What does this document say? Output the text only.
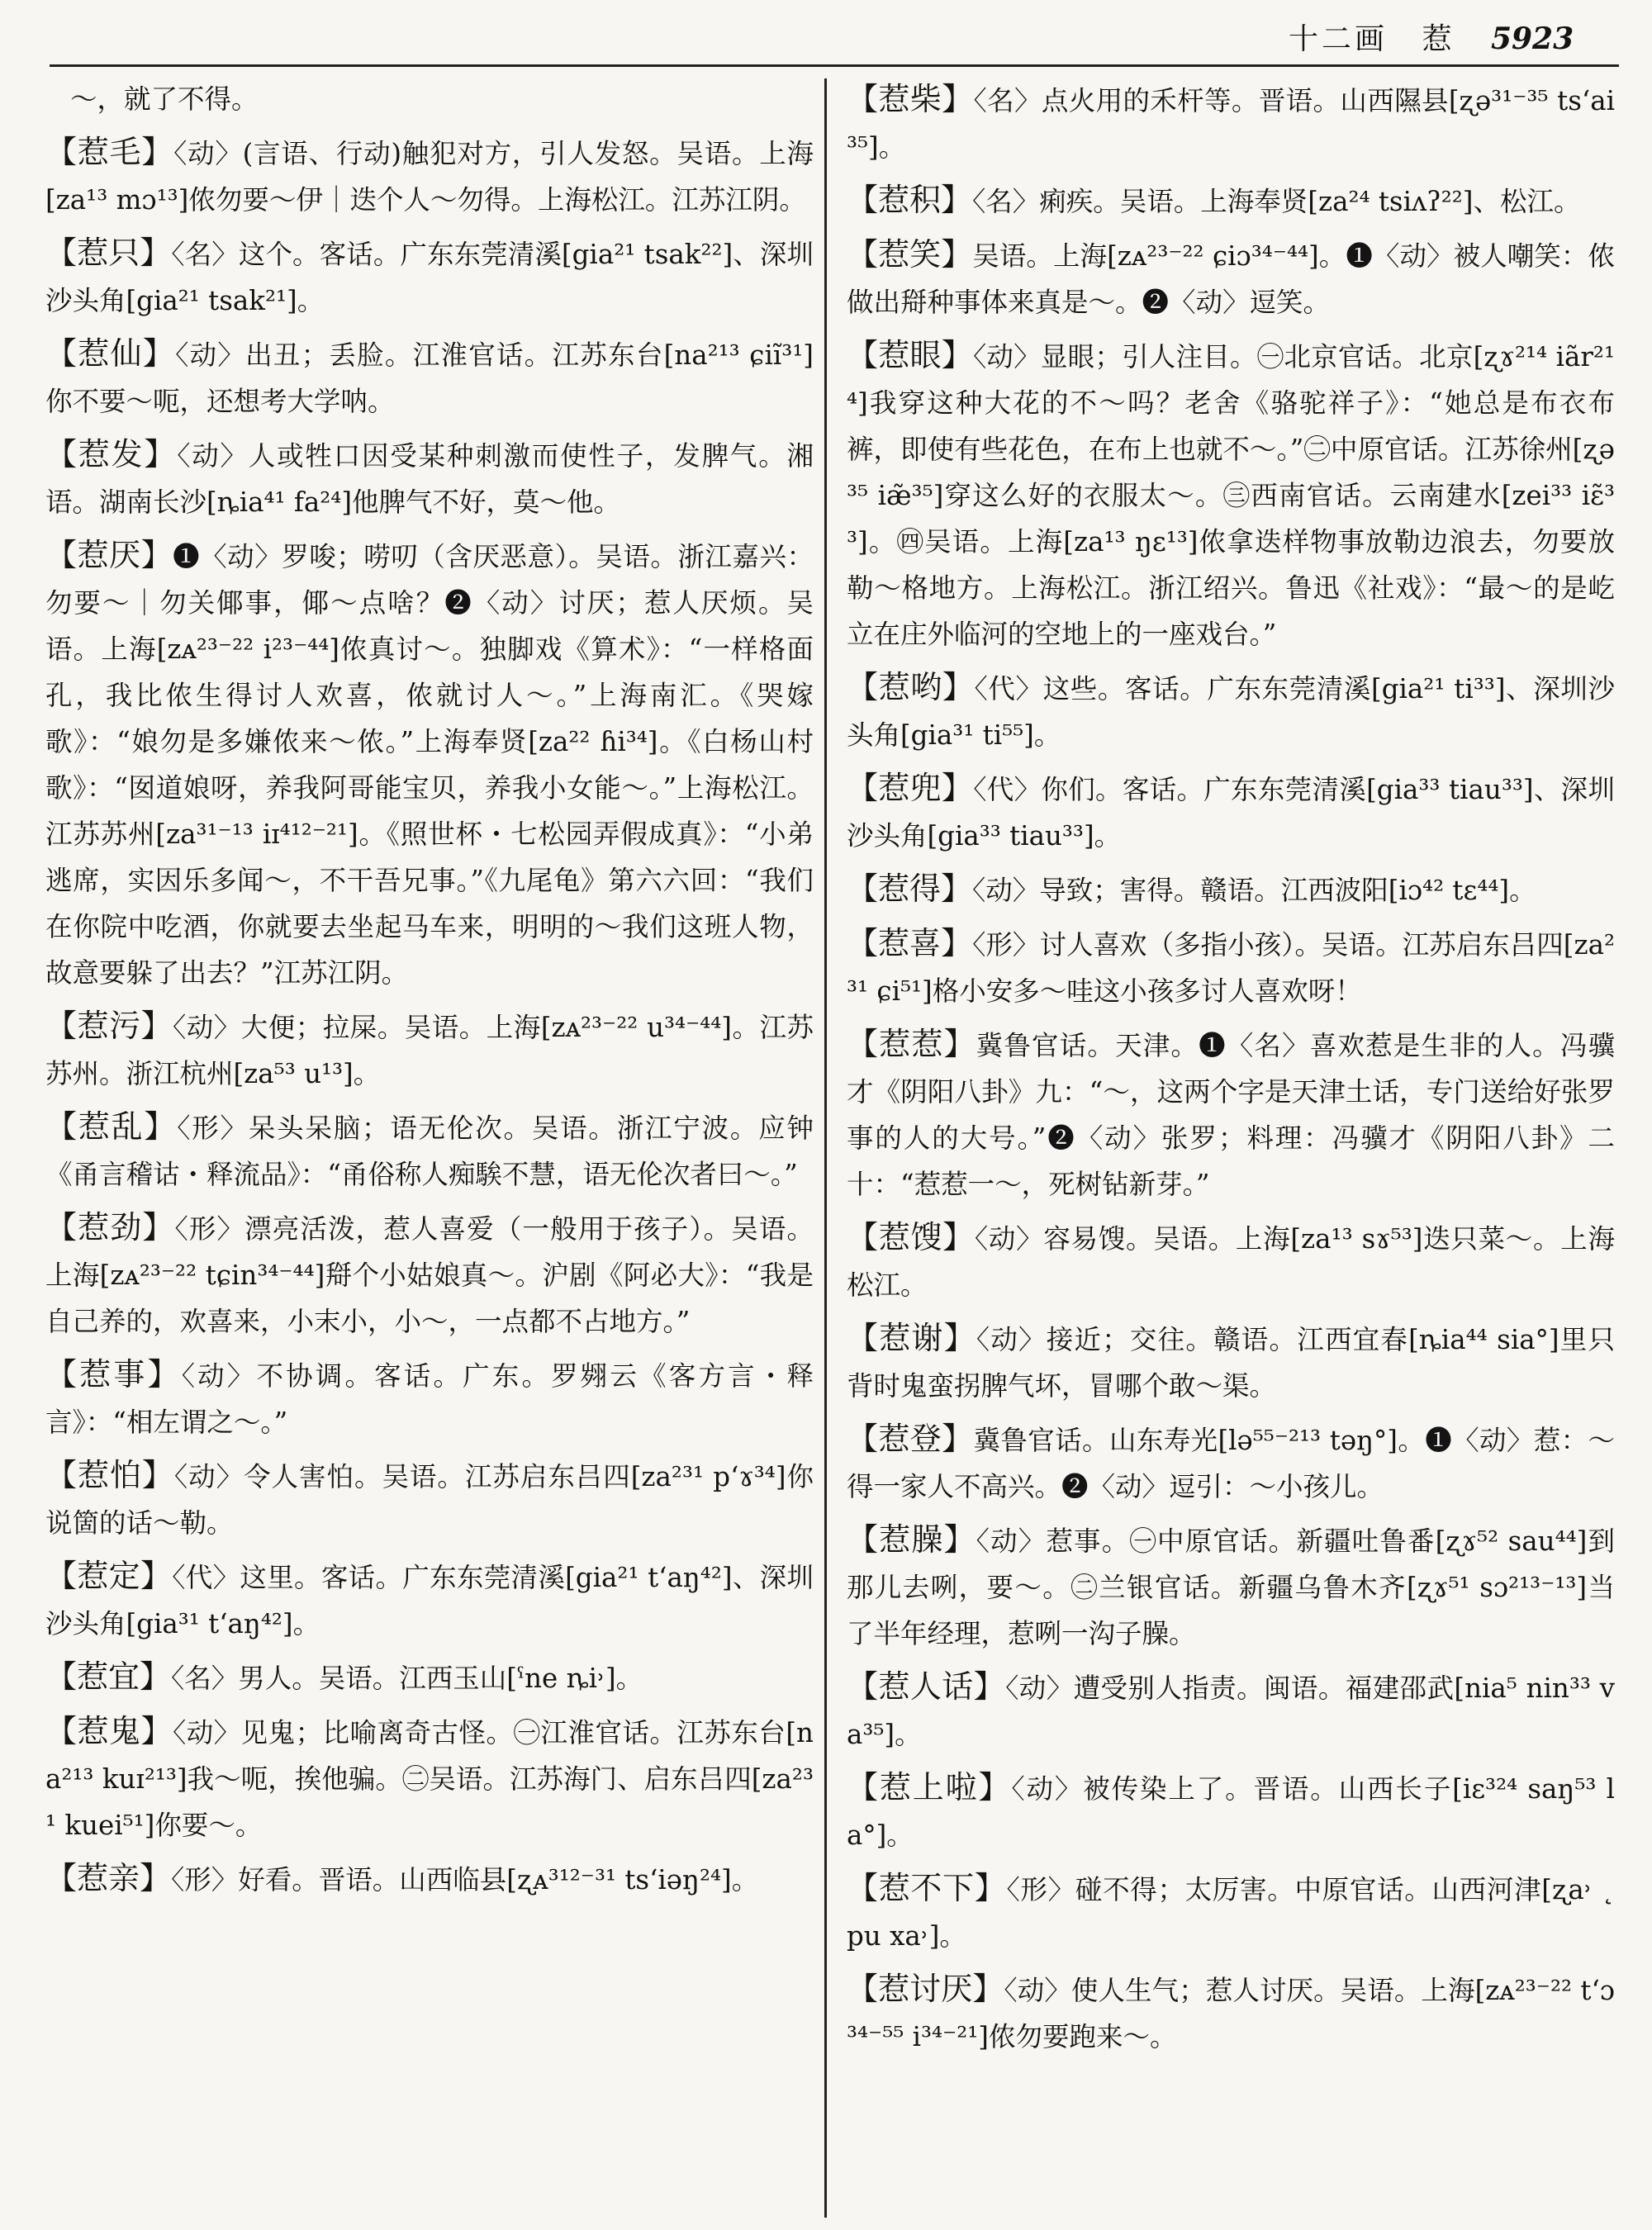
十二画 惹 5923

～，就了不得。

【惹毛】〈动〉(言语、行动)触犯对方，引人发怒。吴语。上海[za¹³ mɔ¹³]侬勿要～伊｜迭个人～勿得。上海松江。江苏江阴。

【惹只】〈名〉这个。客话。广东东莞清溪[gia²¹ tsak²²]、深圳沙头角[gia²¹ tsak²¹]。

【惹仙】〈动〉出丑；丢脸。江淮官话。江苏东台[na²¹³ ɕiĩ³¹]你不要～呃，还想考大学呐。

【惹发】〈动〉人或牲口因受某种刺激而使性子，发脾气。湘语。湖南长沙[ȵia⁴¹ fa²⁴]他脾气不好，莫～他。

【惹厌】❶〈动〉罗唆；唠叨（含厌恶意）。吴语。浙江嘉兴：勿要～｜勿关倻事，倻～点啥？❷〈动〉讨厌；惹人厌烦。吴语。上海[zᴀ²³⁻²² i²³⁻⁴⁴]侬真讨～。独脚戏《算术》：“一样格面孔，我比侬生得讨人欢喜，侬就讨人～。”上海南汇。《哭嫁歌》：“娘勿是多嫌侬来～侬。”上海奉贤[za²² ɦi³⁴]。《白杨山村歌》：“囡道娘呀，养我阿哥能宝贝，养我小女能～。”上海松江。江苏苏州[za³¹⁻¹³ iɪ⁴¹²⁻²¹]。《照世杯・七松园弄假成真》：“小弟逃席，实因乐多闻～，不干吾兄事。”《九尾龟》第六六回：“我们在你院中吃酒，你就要去坐起马车来，明明的～我们这班人物，故意要躲了出去？”江苏江阴。

【惹污】〈动〉大便；拉屎。吴语。上海[zᴀ²³⁻²² u³⁴⁻⁴⁴]。江苏苏州。浙江杭州[za⁵³ u¹³]。

【惹乱】〈形〉呆头呆脑；语无伦次。吴语。浙江宁波。应钟《甬言稽诂・释流品》：“甬俗称人痴騃不慧，语无伦次者曰～。”

【惹劲】〈形〉漂亮活泼，惹人喜爱（一般用于孩子）。吴语。上海[zᴀ²³⁻²² tɕin³⁴⁻⁴⁴]搿个小姑娘真～。沪剧《阿必大》：“我是自己养的，欢喜来，小末小，小～，一点都不占地方。”

【惹事】〈动〉不协调。客话。广东。罗翙云《客方言・释言》：“相左谓之～。”

【惹怕】〈动〉令人害怕。吴语。江苏启东吕四[za²³¹ pʻɤ³⁴]你说箇的话～勒。

【惹定】〈代〉这里。客话。广东东莞清溪[gia²¹ tʻaŋ⁴²]、深圳沙头角[gia³¹ tʻaŋ⁴²]。

【惹宜】〈名〉男人。吴语。江西玉山[ˤne ȵi˒]。

【惹鬼】〈动〉见鬼；比喻离奇古怪。㊀江淮官话。江苏东台[na²¹³ kuɪ²¹³]我～呃，挨他骗。㊁吴语。江苏海门、启东吕四[za²³¹ kuei⁵¹]你要～。

【惹亲】〈形〉好看。晋语。山西临县[ʐᴀ³¹²⁻³¹ tsʻiəŋ²⁴]。

【惹柴】〈名〉点火用的禾杆等。晋语。山西隰县[ʐə³¹⁻³⁵ tsʻai³⁵]。

【惹积】〈名〉痢疾。吴语。上海奉贤[za²⁴ tsiʌʔ²²]、松江。

【惹笑】吴语。上海[zᴀ²³⁻²² ɕiɔ³⁴⁻⁴⁴]。❶〈动〉被人嘲笑：侬做出搿种事体来真是～。❷〈动〉逗笑。

【惹眼】〈动〉显眼；引人注目。㊀北京官话。北京[ʐɤ²¹⁴ iãr²¹⁴]我穿这种大花的不～吗？老舍《骆驼祥子》：“她总是布衣布裤，即使有些花色，在布上也就不～。”㊁中原官话。江苏徐州[ʐə³⁵ iæ̃³⁵]穿这么好的衣服太～。㊂西南官话。云南建水[zei³³ iɛ̃³³]。㊃吴语。上海[za¹³ ŋɛ¹³]侬拿迭样物事放勒边浪去，勿要放勒～格地方。上海松江。浙江绍兴。鲁迅《社戏》：“最～的是屹立在庄外临河的空地上的一座戏台。”

【惹哟】〈代〉这些。客话。广东东莞清溪[gia²¹ ti³³]、深圳沙头角[gia³¹ ti⁵⁵]。

【惹兜】〈代〉你们。客话。广东东莞清溪[gia³³ tiau³³]、深圳沙头角[gia³³ tiau³³]。

【惹得】〈动〉导致；害得。赣语。江西波阳[iɔ⁴² tɛ⁴⁴]。

【惹喜】〈形〉讨人喜欢（多指小孩）。吴语。江苏启东吕四[za²³¹ ɕi⁵¹]格小安多～哇这小孩多讨人喜欢呀！

【惹惹】冀鲁官话。天津。❶〈名〉喜欢惹是生非的人。冯骥才《阴阳八卦》九：“～，这两个字是天津土话，专门送给好张罗事的人的大号。”❷〈动〉张罗；料理：冯骥才《阴阳八卦》二十：“惹惹一～，死树钻新芽。”

【惹馊】〈动〉容易馊。吴语。上海[za¹³ sɤ⁵³]迭只菜～。上海松江。

【惹谢】〈动〉接近；交往。赣语。江西宜春[ȵia⁴⁴ sia°]里只背时鬼蛮拐脾气坏，冒哪个敢～渠。

【惹登】冀鲁官话。山东寿光[lə⁵⁵⁻²¹³ təŋ°]。❶〈动〉惹：～得一家人不高兴。❷〈动〉逗引：～小孩儿。

【惹臊】〈动〉惹事。㊀中原官话。新疆吐鲁番[ʐɤ⁵² sau⁴⁴]到那儿去咧，要～。㊁兰银官话。新疆乌鲁木齐[ʐɤ⁵¹ sɔ²¹³⁻¹³]当了半年经理，惹咧一沟子臊。

【惹人话】〈动〉遭受别人指责。闽语。福建邵武[nia⁵ nin³³ va³⁵]。

【惹上啦】〈动〉被传染上了。晋语。山西长子[iɛ³²⁴ saŋ⁵³ la°]。

【惹不下】〈形〉碰不得；太厉害。中原官话。山西河津[ʐa˒ ˛pu xa˒]。

【惹讨厌】〈动〉使人生气；惹人讨厌。吴语。上海[zᴀ²³⁻²² tʻɔ³⁴⁻⁵⁵ i³⁴⁻²¹]侬勿要跑来～。
